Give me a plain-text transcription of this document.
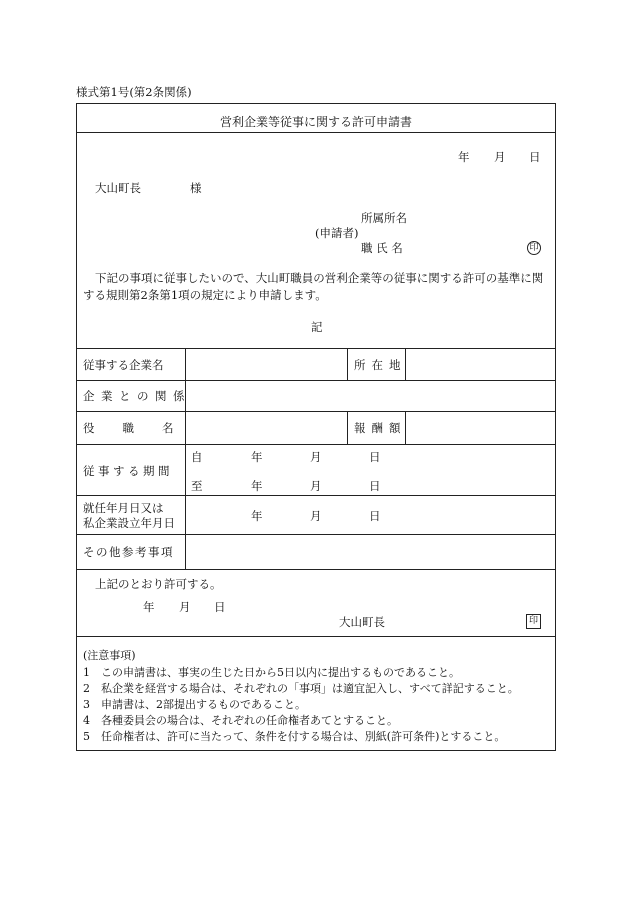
様式第1号(第2条関係)
営利企業等従事に関する許可申請書
年 月 日
大山町長	様
所属所名
(申請者)
職 氏 名	印
下記の事項に従事したいので、大山町職員の営利企業等の従事に関する許可の基準に関する規則第2条第1項の規定により申請します。
記
従事する企業名	所在地
企業との関係
役職名	報酬額
従事する期間
自	年	月	日
至	年	月	日
就任年月日又は
私企業設立年月日	年	月	日
その他参考事項
上記のとおり許可する。
年 月 日
大山町長	印
(注意事項)
1　この申請書は、事実の生じた日から5日以内に提出するものであること。
2　私企業を経営する場合は、それぞれの「事項」は適宜記入し、すべて詳記すること。
3　申請書は、2部提出するものであること。
4　各種委員会の場合は、それぞれの任命権者あてとすること。
5　任命権者は、許可に当たって、条件を付する場合は、別紙(許可条件)とすること。
